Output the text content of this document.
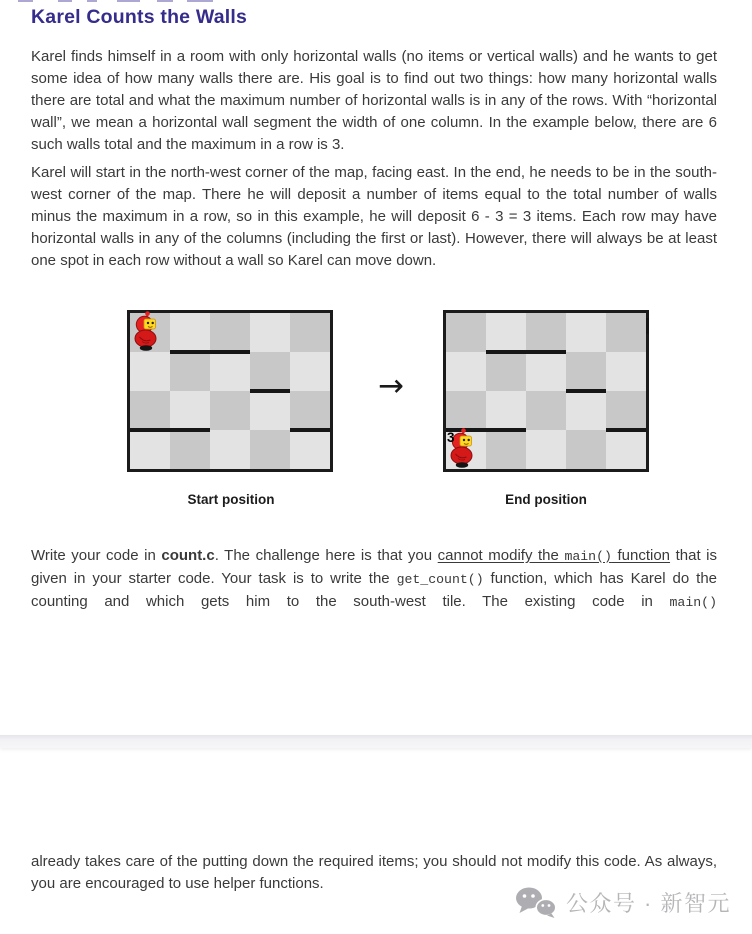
Karel Counts the Walls

Karel finds himself in a room with only horizontal walls (no items or vertical walls) and he wants to get some idea of how many walls there are. His goal is to find out two things: how many horizontal walls there are total and what the maximum number of horizontal walls is in any of the rows. With “horizontal wall”, we mean a horizontal wall segment the width of one column. In the example below, there are 6 such walls total and the maximum in a row is 3.

Karel will start in the north-west corner of the map, facing east. In the end, he needs to be in the south-west corner of the map. There he will deposit a number of items equal to the total number of walls minus the maximum in a row, so in this example, he will deposit 6 - 3 = 3 items. Each row may have horizontal walls in any of the columns (including the first or last). However, there will always be at least one spot in each row without a wall so Karel can move down.

→
3
Start position	End position

Write your code in count.c. The challenge here is that you cannot modify the main() function that is given in your starter code. Your task is to write the get_count() function, which has Karel do the counting and which gets him to the south-west tile. The existing code in main()

already takes care of the putting down the required items; you should not modify this code. As always, you are encouraged to use helper functions.

公众号 · 新智元
